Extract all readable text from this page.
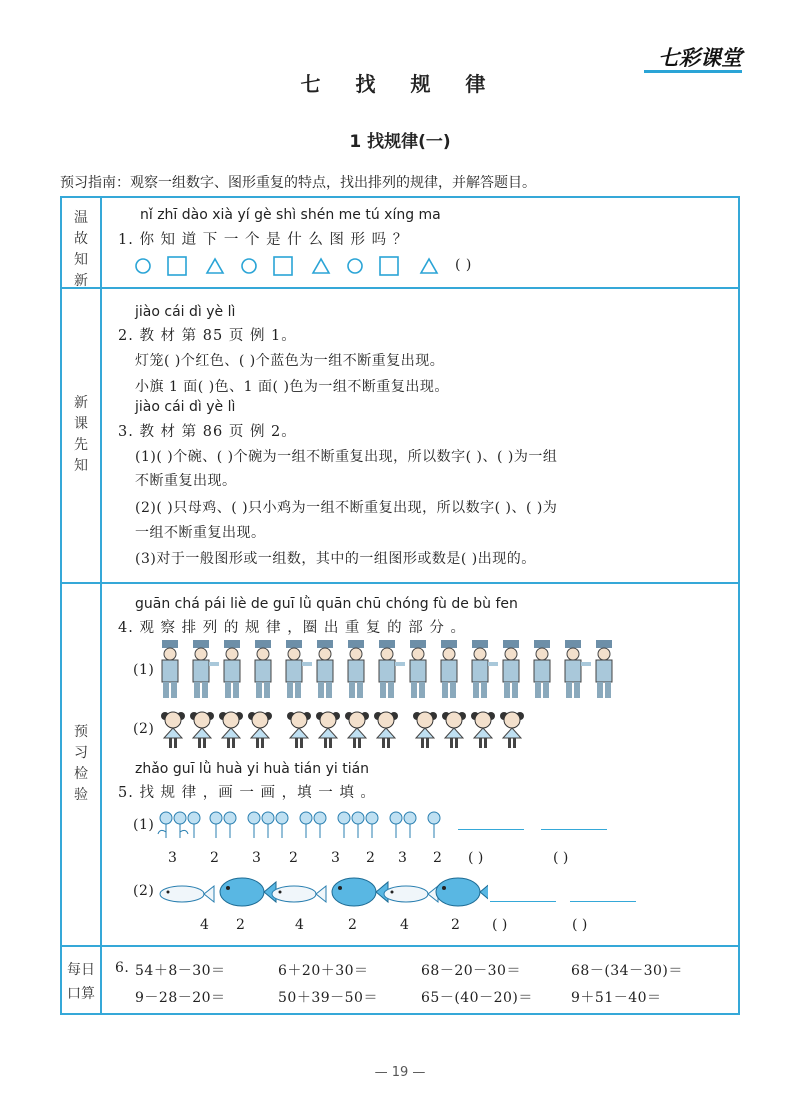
七彩课堂
七 找 规 律
1 找规律(一)
预习指南：观察一组数字、图形重复的特点，找出排列的规律，并解答题目。
温故知新
新课先知
预习检验
每日口算
nǐ zhī dào xià yí gè shì shén me tú xíng ma
1. 你 知 道 下 一 个 是 什 么 图 形 吗 ？
( )
jiào cái dì yè lì
2. 教 材 第 85 页 例 1。
灯笼( )个红色、( )个蓝色为一组不断重复出现。
小旗 1 面( )色、1 面( )色为一组不断重复出现。
jiào cái dì yè lì
3. 教 材 第 86 页 例 2。
(1)( )个碗、( )个碗为一组不断重复出现，所以数字( )、( )为一组
不断重复出现。
(2)( )只母鸡、( )只小鸡为一组不断重复出现，所以数字( )、( )为
一组不断重复出现。
(3)对于一般图形或一组数，其中的一组图形或数是( )出现的。
guān chá pái liè de guī lǜ quān chū chóng fù de bù fen
4. 观 察 排 列 的 规 律 ，圈 出 重 复 的 部 分 。
(1)
(2)
zhǎo guī lǜ huà yi huà tián yi tián
5. 找 规 律 ，画 一 画 ，填 一 填 。
(1)
3 2 3 2 3 2 3 2 ( )	( )
(2)
4 2	4	2	4	2 ( )	( )
6. 54＋8－30＝	6＋20＋30＝	68－20－30＝	68－(34－30)＝
9－28－20＝	50＋39－50＝	65－(40－20)＝	9＋51－40＝
— 19 —
